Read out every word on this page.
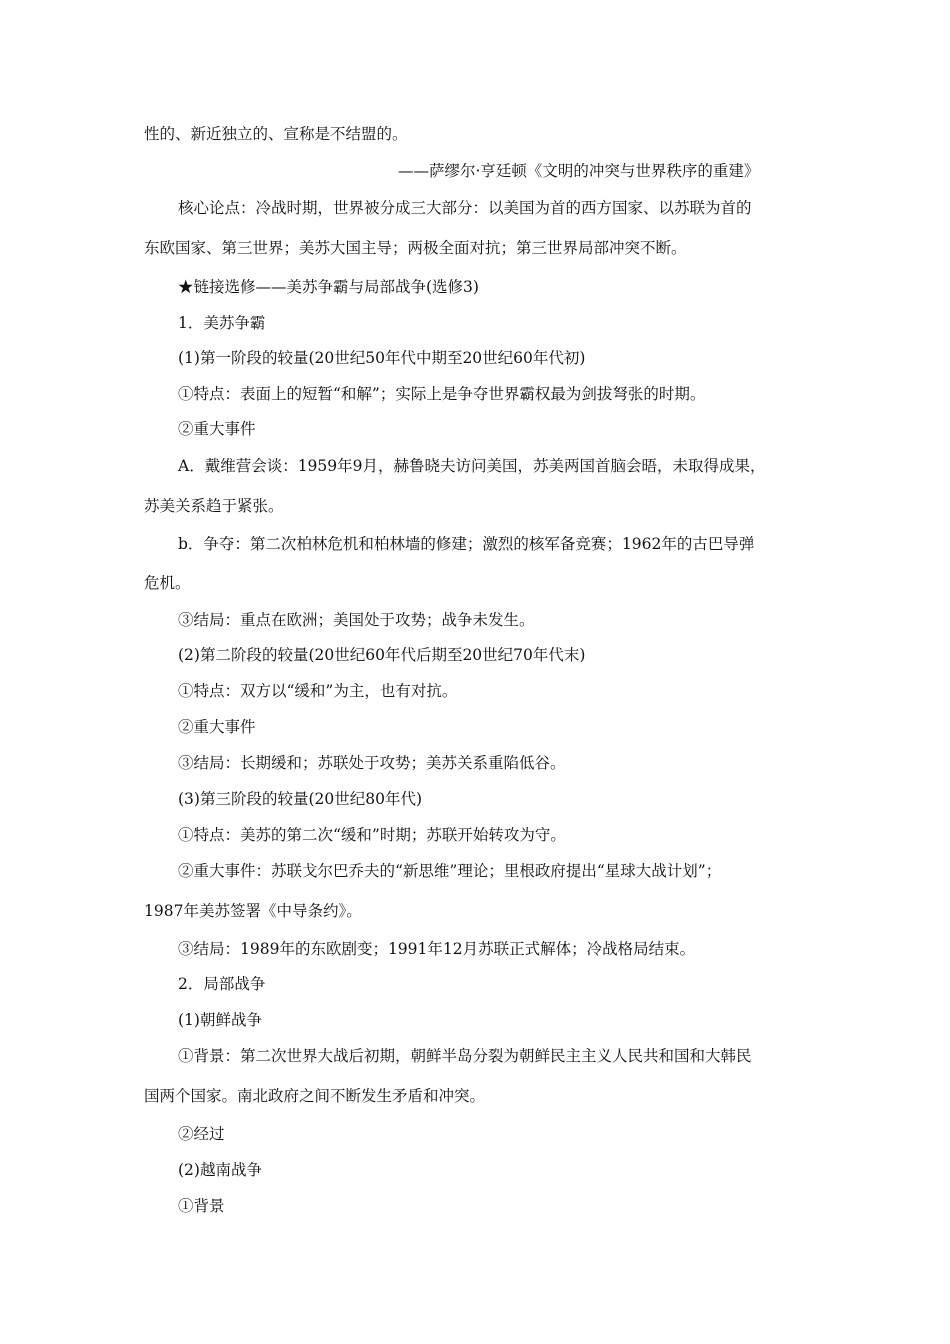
性的、新近独立的、宣称是不结盟的。
——萨缪尔·亨廷顿《文明的冲突与世界秩序的重建》
核心论点：冷战时期，世界被分成三大部分：以美国为首的西方国家、以苏联为首的
东欧国家、第三世界；美苏大国主导；两极全面对抗；第三世界局部冲突不断。
★链接选修——美苏争霸与局部战争(选修3)
1．美苏争霸
(1)第一阶段的较量(20世纪50年代中期至20世纪60年代初)
①特点：表面上的短暂“和解”；实际上是争夺世界霸权最为剑拔弩张的时期。
②重大事件
A．戴维营会谈：1959年9月，赫鲁晓夫访问美国，苏美两国首脑会晤，未取得成果，
苏美关系趋于紧张。
b．争夺：第二次柏林危机和柏林墙的修建；激烈的核军备竞赛；1962年的古巴导弹
危机。
③结局：重点在欧洲；美国处于攻势；战争未发生。
(2)第二阶段的较量(20世纪60年代后期至20世纪70年代末)
①特点：双方以“缓和”为主，也有对抗。
②重大事件
③结局：长期缓和；苏联处于攻势；美苏关系重陷低谷。
(3)第三阶段的较量(20世纪80年代)
①特点：美苏的第二次“缓和”时期；苏联开始转攻为守。
②重大事件：苏联戈尔巴乔夫的“新思维”理论；里根政府提出“星球大战计划”；
1987年美苏签署《中导条约》。
③结局：1989年的东欧剧变；1991年12月苏联正式解体；冷战格局结束。
2．局部战争
(1)朝鲜战争
①背景：第二次世界大战后初期，朝鲜半岛分裂为朝鲜民主主义人民共和国和大韩民
国两个国家。南北政府之间不断发生矛盾和冲突。
②经过
(2)越南战争
①背景
